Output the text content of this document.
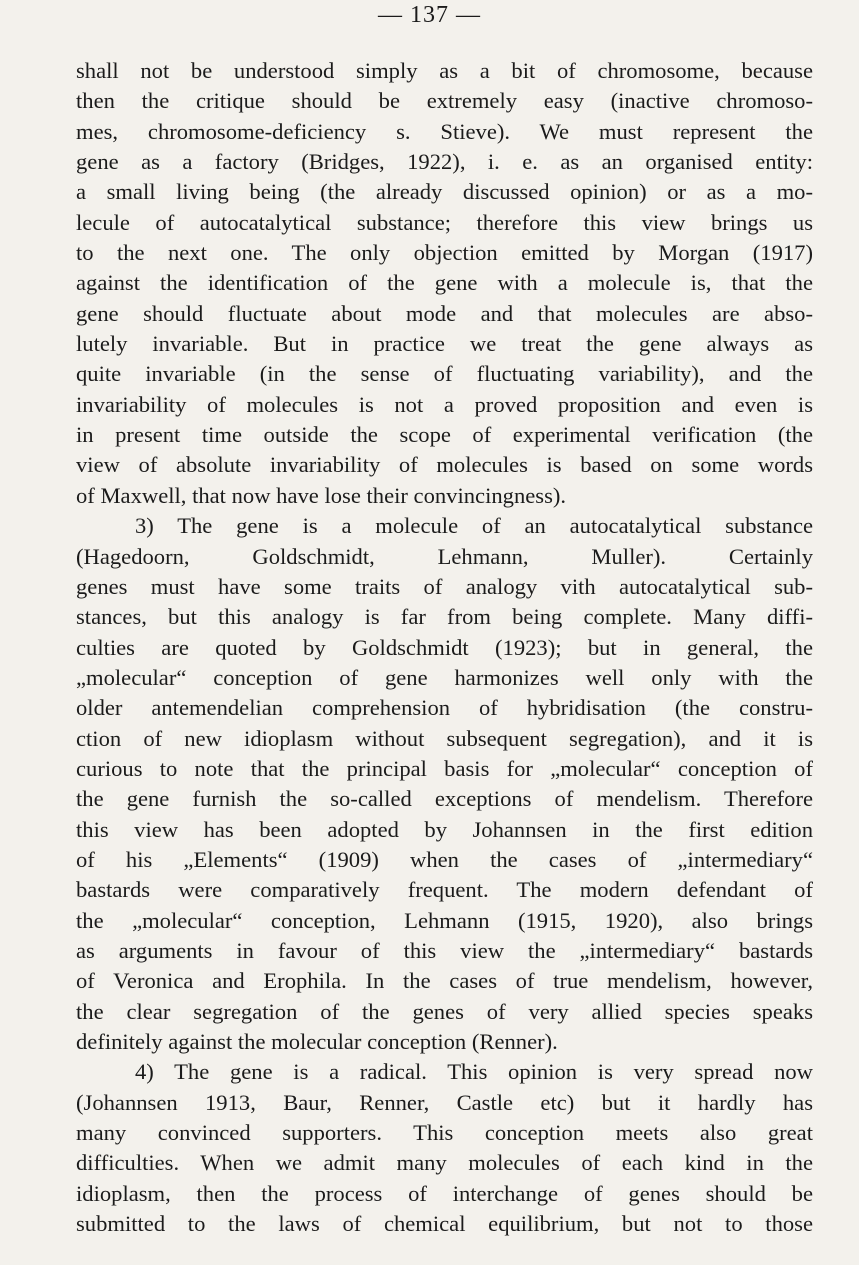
— 137 —
shall not be understood simply as a bit of chromosome, because
then the critique should be extremely easy (inactive chromoso-
mes, chromosome-deficiency s. Stieve). We must represent the
gene as a factory (Bridges, 1922), i. e. as an organised entity:
a small living being (the already discussed opinion) or as a mo-
lecule of autocatalytical substance; therefore this view brings us
to the next one. The only objection emitted by Morgan (1917)
against the identification of the gene with a molecule is, that the
gene should fluctuate about mode and that molecules are abso-
lutely invariable. But in practice we treat the gene always as
quite invariable (in the sense of fluctuating variability), and the
invariability of molecules is not a proved proposition and even is
in present time outside the scope of experimental verification (the
view of absolute invariability of molecules is based on some words
of Maxwell, that now have lose their convincingness).
3) The gene is a molecule of an autocatalytical substance
(Hagedoorn, Goldschmidt, Lehmann, Muller). Certainly
genes must have some traits of analogy vith autocatalytical sub-
stances, but this analogy is far from being complete. Many diffi-
culties are quoted by Goldschmidt (1923); but in general, the
„molecular“ conception of gene harmonizes well only with the
older antemendelian comprehension of hybridisation (the constru-
ction of new idioplasm without subsequent segregation), and it is
curious to note that the principal basis for „molecular“ conception of
the gene furnish the so-called exceptions of mendelism. Therefore
this view has been adopted by Johannsen in the first edition
of his „Elements“ (1909) when the cases of „intermediary“
bastards were comparatively frequent. The modern defendant of
the „molecular“ conception, Lehmann (1915, 1920), also brings
as arguments in favour of this view the „intermediary“ bastards
of Veronica and Erophila. In the cases of true mendelism, however,
the clear segregation of the genes of very allied species speaks
definitely against the molecular conception (Renner).
4) The gene is a radical. This opinion is very spread now
(Johannsen 1913, Baur, Renner, Castle etc) but it hardly has
many convinced supporters. This conception meets also great
difficulties. When we admit many molecules of each kind in the
idioplasm, then the process of interchange of genes should be
submitted to the laws of chemical equilibrium, but not to those
